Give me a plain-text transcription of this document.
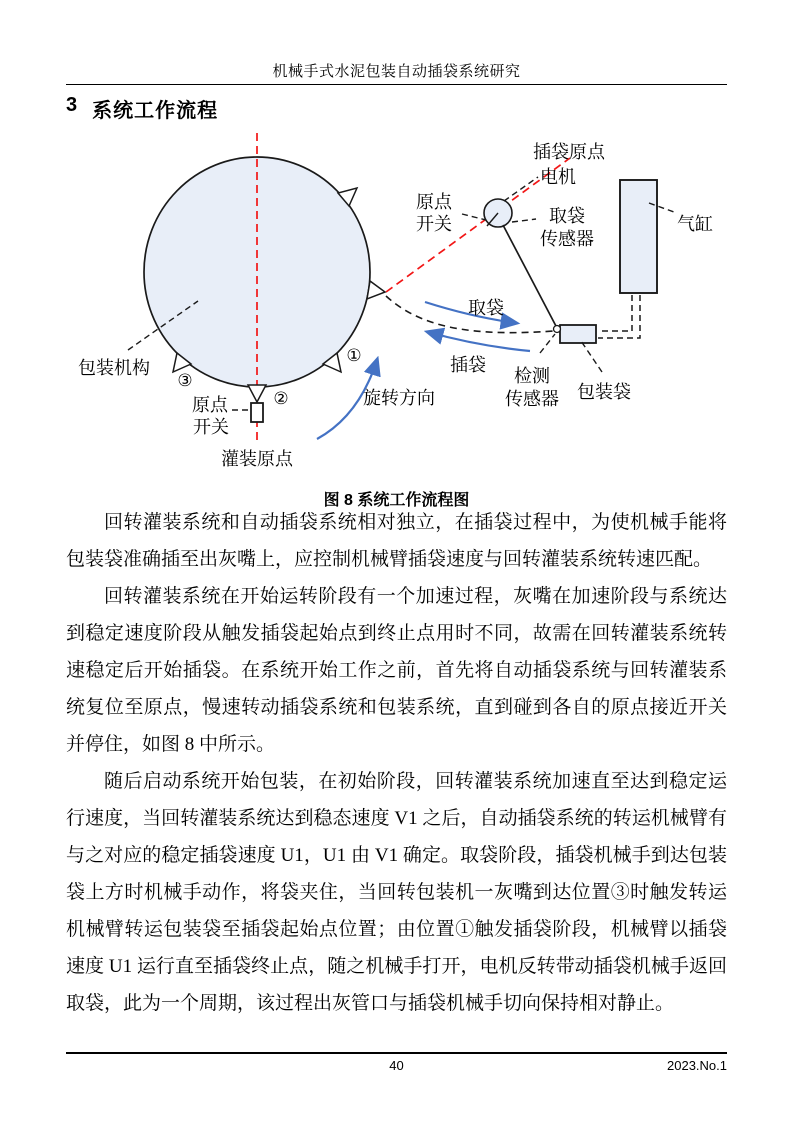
机械手式水泥包装自动插袋系统研究
3 系统工作流程
插袋原点
电机
原点
开关	取袋
传感器
气缸
取袋
插袋
旋转方向
检测
传感器 包装袋
包装机构
①
②
③
原点
开关
灌装原点
图 8 系统工作流程图

回转灌装系统和自动插袋系统相对独立，在插袋过程中，为使机械手能将包装袋准确插至出灰嘴上，应控制机械臂插袋速度与回转灌装系统转速匹配。

回转灌装系统在开始运转阶段有一个加速过程，灰嘴在加速阶段与系统达到稳定速度阶段从触发插袋起始点到终止点用时不同，故需在回转灌装系统转速稳定后开始插袋。在系统开始工作之前，首先将自动插袋系统与回转灌装系统复位至原点，慢速转动插袋系统和包装系统，直到碰到各自的原点接近开关并停住，如图 8 中所示。

随后启动系统开始包装，在初始阶段，回转灌装系统加速直至达到稳定运行速度，当回转灌装系统达到稳态速度 V1 之后，自动插袋系统的转运机械臂有与之对应的稳定插袋速度 U1，U1 由 V1 确定。取袋阶段，插袋机械手到达包装袋上方时机械手动作，将袋夹住，当回转包装机一灰嘴到达位置③时触发转运机械臂转运包装袋至插袋起始点位置；由位置①触发插袋阶段，机械臂以插袋速度 U1 运行直至插袋终止点，随之机械手打开，电机反转带动插袋机械手返回取袋，此为一个周期，该过程出灰管口与插袋机械手切向保持相对静止。

40	2023.No.1
